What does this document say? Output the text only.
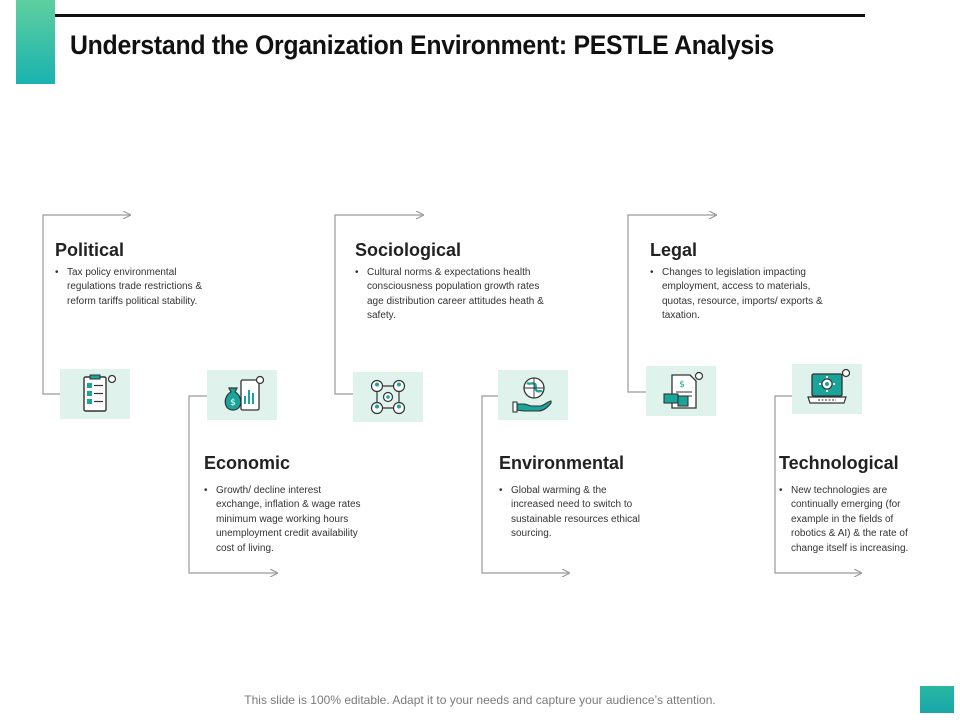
Understand the Organization Environment: PESTLE Analysis
Political
• Tax policy environmental regulations trade restrictions & reform tariffs political stability.
$
Economic
• Growth/ decline interest exchange, inflation & wage rates minimum wage working hours unemployment credit availability cost of living.
Sociological
• Cultural norms & expectations health consciousness population growth rates age distribution career attitudes heath & safety.
Environmental
• Global warming & the increased need to switch to sustainable resources ethical sourcing.
Legal
• Changes to legislation impacting employment, access to materials, quotas, resource, imports/ exports & taxation.
$
Technological
• New technologies are continually emerging (for example in the fields of robotics & AI) & the rate of change itself is increasing.
This slide is 100% editable. Adapt it to your needs and capture your audience’s attention.
